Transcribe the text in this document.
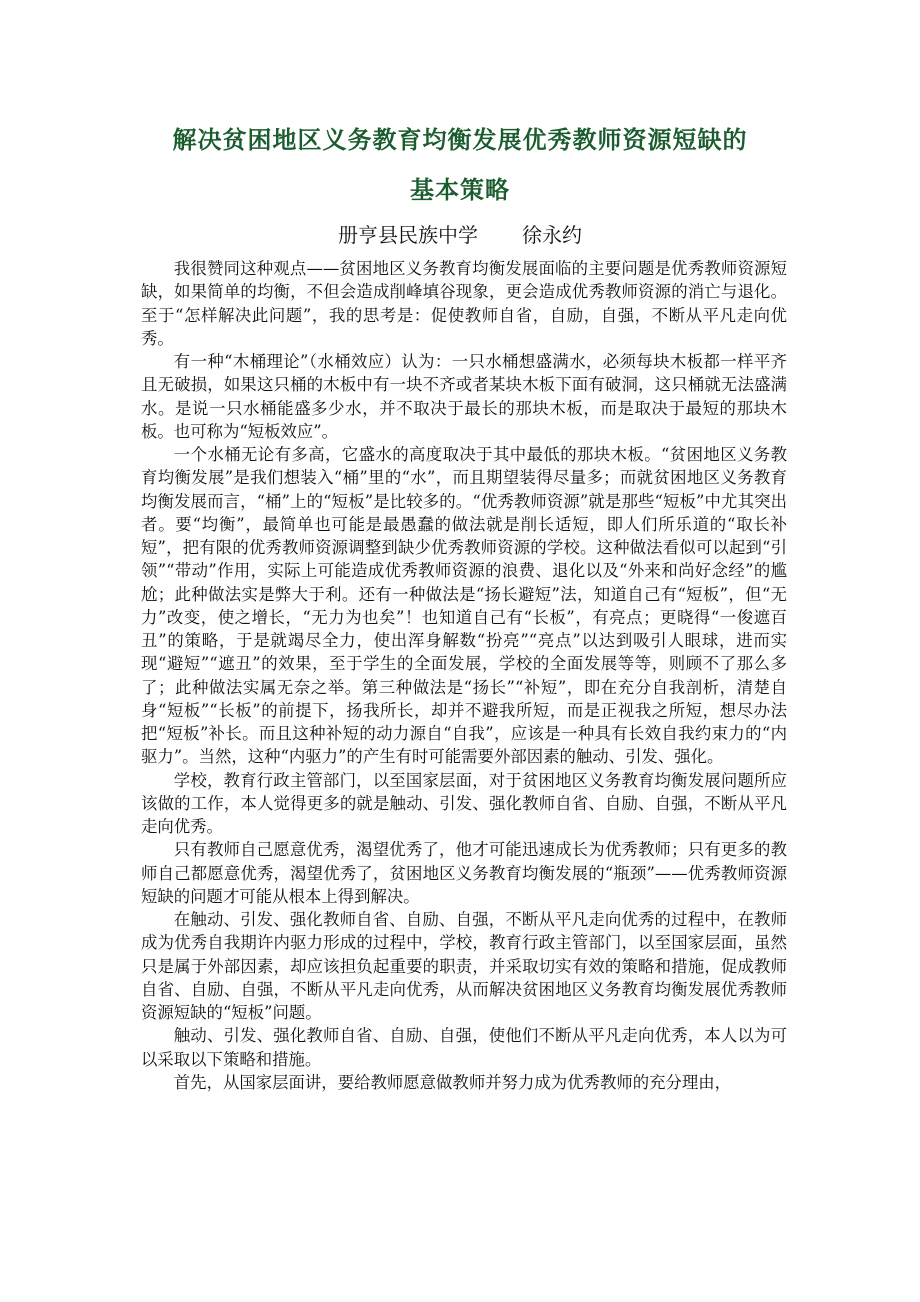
解决贫困地区义务教育均衡发展优秀教师资源短缺的
基本策略

册亨县民族中学 徐永约

我很赞同这种观点——贫困地区义务教育均衡发展面临的主要问题是优秀教师资源短缺，如果简单的均衡，不但会造成削峰填谷现象，更会造成优秀教师资源的消亡与退化。至于“怎样解决此问题”，我的思考是：促使教师自省，自励，自强，不断从平凡走向优秀。

有一种“木桶理论”（水桶效应）认为：一只水桶想盛满水，必须每块木板都一样平齐且无破损，如果这只桶的木板中有一块不齐或者某块木板下面有破洞，这只桶就无法盛满水。是说一只水桶能盛多少水，并不取决于最长的那块木板，而是取决于最短的那块木板。也可称为“短板效应”。

一个水桶无论有多高，它盛水的高度取决于其中最低的那块木板。“贫困地区义务教育均衡发展”是我们想装入“桶”里的“水”，而且期望装得尽量多；而就贫困地区义务教育均衡发展而言，“桶”上的“短板”是比较多的。“优秀教师资源”就是那些“短板”中尤其突出者。要“均衡”，最简单也可能是最愚蠢的做法就是削长适短，即人们所乐道的“取长补短”，把有限的优秀教师资源调整到缺少优秀教师资源的学校。这种做法看似可以起到“引领”“带动”作用，实际上可能造成优秀教师资源的浪费、退化以及“外来和尚好念经”的尴尬；此种做法实是弊大于利。还有一种做法是“扬长避短”法，知道自己有“短板”，但“无力”改变，使之增长，“无力为也矣”！也知道自己有“长板”，有亮点；更晓得“一俊遮百丑”的策略，于是就竭尽全力，使出浑身解数“扮亮”“亮点”以达到吸引人眼球，进而实现“避短”“遮丑”的效果，至于学生的全面发展，学校的全面发展等等，则顾不了那么多了；此种做法实属无奈之举。第三种做法是“扬长”“补短”，即在充分自我剖析，清楚自身“短板”“长板”的前提下，扬我所长，却并不避我所短，而是正视我之所短，想尽办法把“短板”补长。而且这种补短的动力源自“自我”，应该是一种具有长效自我约束力的“内驱力”。当然，这种“内驱力”的产生有时可能需要外部因素的触动、引发、强化。

学校，教育行政主管部门，以至国家层面，对于贫困地区义务教育均衡发展问题所应该做的工作，本人觉得更多的就是触动、引发、强化教师自省、自励、自强，不断从平凡走向优秀。

只有教师自己愿意优秀，渴望优秀了，他才可能迅速成长为优秀教师；只有更多的教师自己都愿意优秀，渴望优秀了，贫困地区义务教育均衡发展的“瓶颈”——优秀教师资源短缺的问题才可能从根本上得到解决。

在触动、引发、强化教师自省、自励、自强，不断从平凡走向优秀的过程中，在教师成为优秀自我期许内驱力形成的过程中，学校，教育行政主管部门，以至国家层面，虽然只是属于外部因素，却应该担负起重要的职责，并采取切实有效的策略和措施，促成教师自省、自励、自强，不断从平凡走向优秀，从而解决贫困地区义务教育均衡发展优秀教师资源短缺的“短板”问题。

触动、引发、强化教师自省、自励、自强，使他们不断从平凡走向优秀，本人以为可以采取以下策略和措施。

首先，从国家层面讲，要给教师愿意做教师并努力成为优秀教师的充分理由，
